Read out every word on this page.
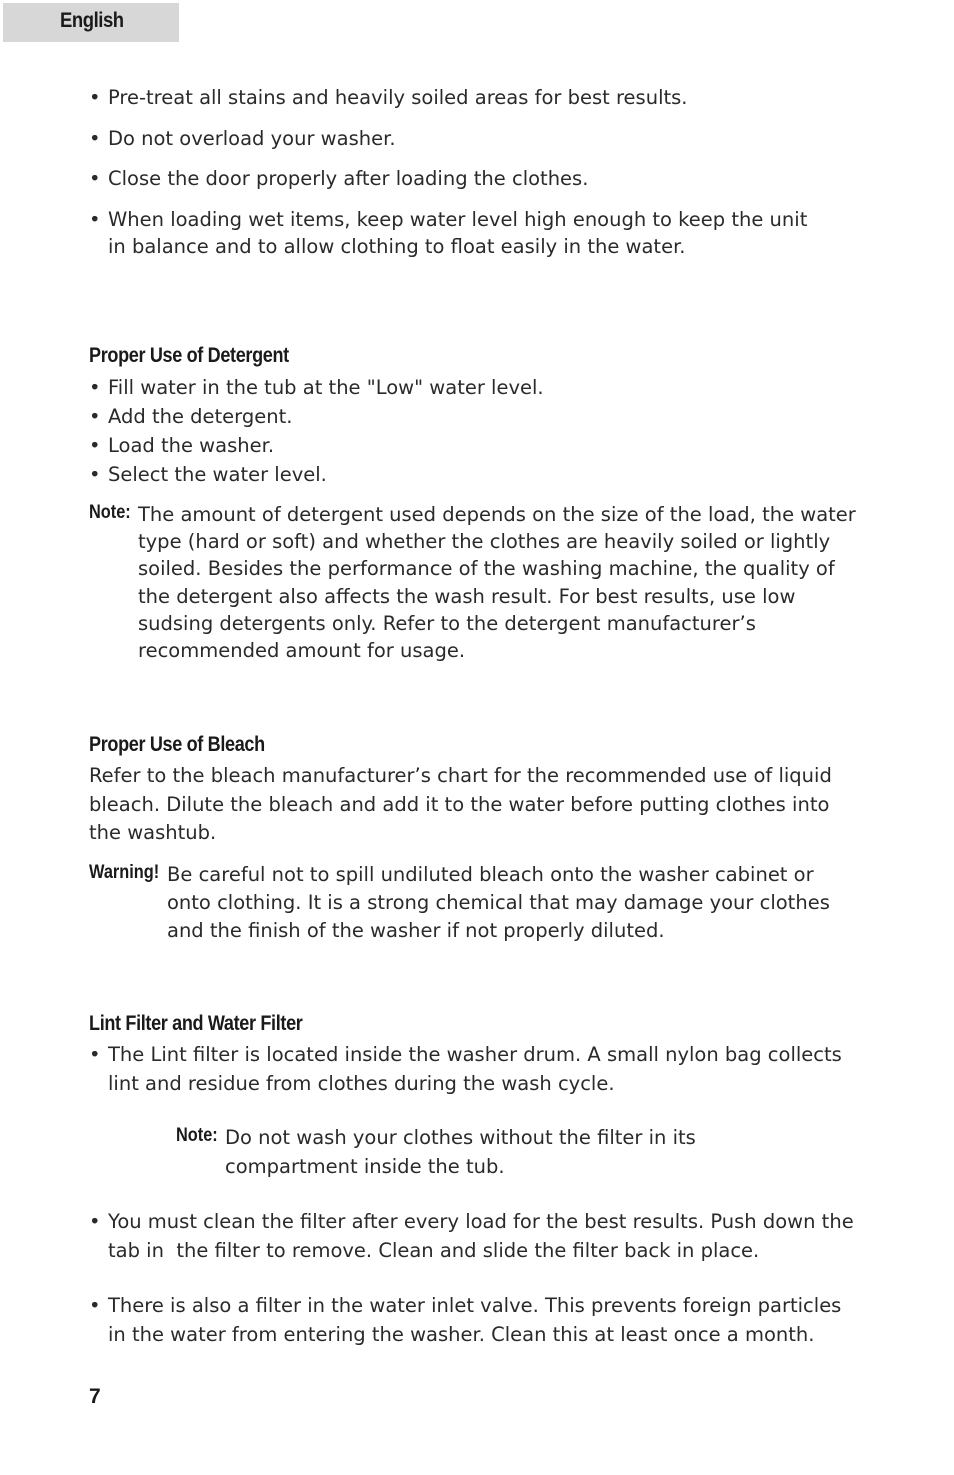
English
• Pre-treat all stains and heavily soiled areas for best results.
• Do not overload your washer.
• Close the door properly after loading the clothes.
• When loading wet items, keep water level high enough to keep the unit in balance and to allow clothing to float easily in the water.
Proper Use of Detergent
• Fill water in the tub at the "Low" water level.
• Add the detergent.
• Load the washer.
• Select the water level.
Note: The amount of detergent used depends on the size of the load, the water type (hard or soft) and whether the clothes are heavily soiled or lightly soiled. Besides the performance of the washing machine, the quality of the detergent also affects the wash result. For best results, use low sudsing detergents only. Refer to the detergent manufacturer’s recommended amount for usage.
Proper Use of Bleach
Refer to the bleach manufacturer’s chart for the recommended use of liquid bleach. Dilute the bleach and add it to the water before putting clothes into the washtub.
Warning! Be careful not to spill undiluted bleach onto the washer cabinet or onto clothing. It is a strong chemical that may damage your clothes and the finish of the washer if not properly diluted.
Lint Filter and Water Filter
• The Lint filter is located inside the washer drum. A small nylon bag collects lint and residue from clothes during the wash cycle.
Note: Do not wash your clothes without the filter in its compartment inside the tub.
• You must clean the filter after every load for the best results. Push down the tab in  the filter to remove. Clean and slide the filter back in place.
• There is also a filter in the water inlet valve. This prevents foreign particles in the water from entering the washer. Clean this at least once a month.
7
